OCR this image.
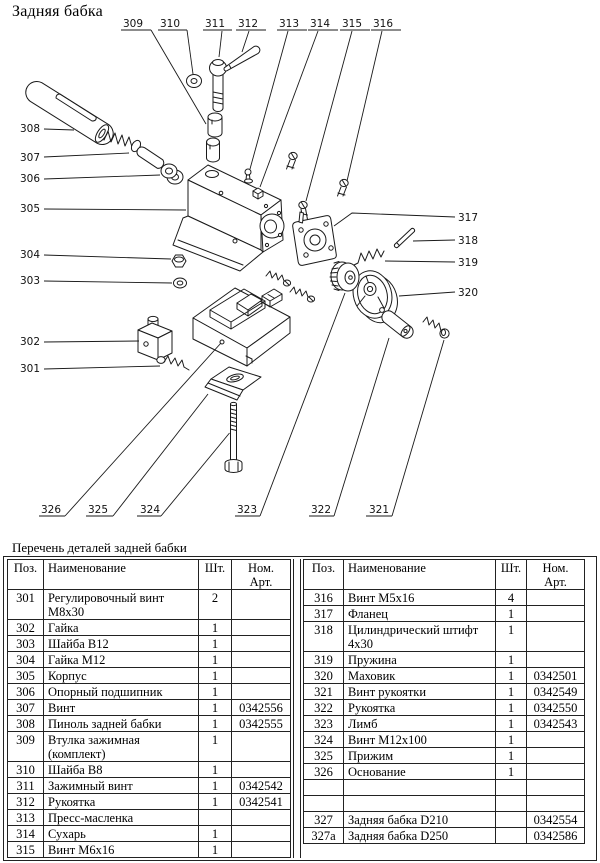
Задняя бабка
301
302
303
304
305
306
307
308
309 310 311 312 313 314 315 316
317
318
319
320
321
322
323
324
325
326
Перечень деталей задней бабки
Поз.	Наименование	Шт.	Ном. Арт.
301	Регулировочный винт М8х30	2	
302	Гайка	1	
303	Шайба В12	1	
304	Гайка М12	1	
305	Корпус	1	
306	Опорный подшипник	1	
307	Винт	1	0342556
308	Пиноль задней бабки	1	0342555
309	Втулка зажимная (комплект)	1	
310	Шайба В8	1	
311	Зажимный винт	1	0342542
312	Рукоятка	1	0342541
313	Пресс-масленка		
314	Сухарь	1	
315	Винт М6х16	1	
Поз.	Наименование	Шт.	Ном. Арт.
316	Винт М5х16	4	
317	Фланец	1	
318	Цилиндрический штифт 4х30	1	
319	Пружина	1	
320	Маховик	1	0342501
321	Винт рукоятки	1	0342549
322	Рукоятка	1	0342550
323	Лимб	1	0342543
324	Винт М12х100	1	
325	Прижим	1	
326	Основание	1	

327	Задняя бабка D210		0342554
327a	Задняя бабка D250		0342586
